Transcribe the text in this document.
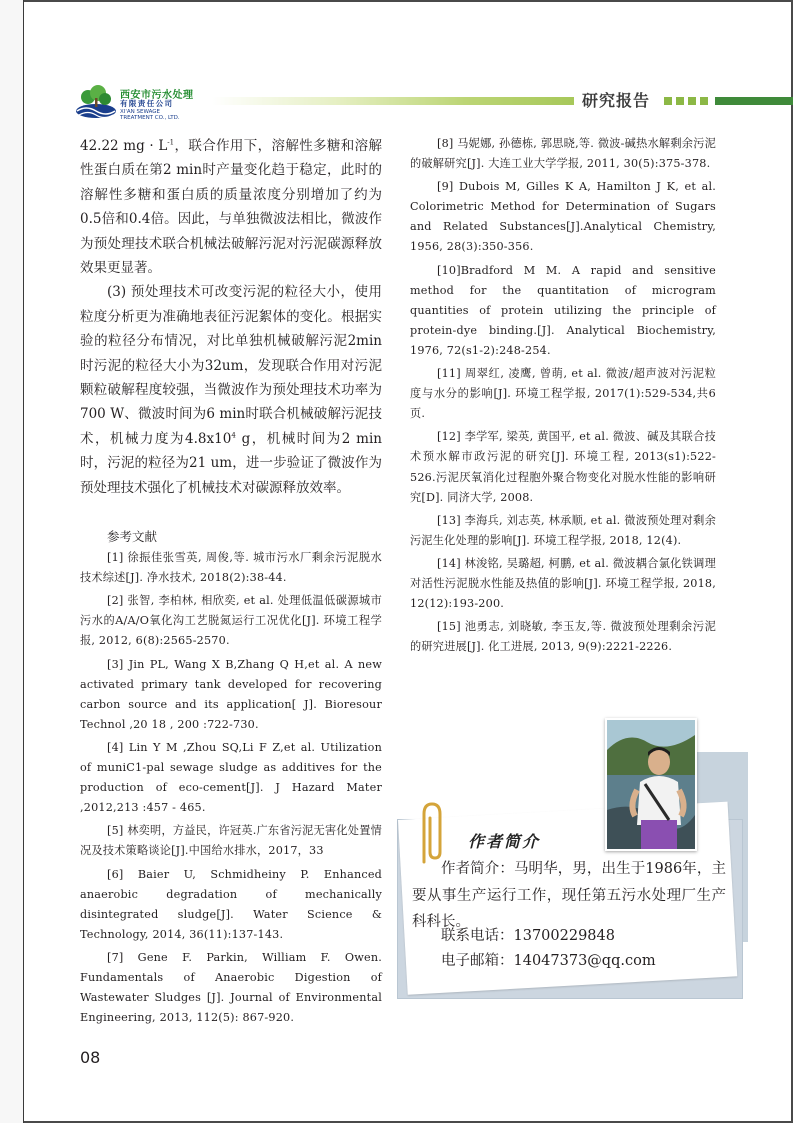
西安市污水处理
有限责任公司
XI'AN SEWAGE
TREATMENT CO., LTD.
研究报告

42.22 mg · $L^{-1}$，联合作用下，溶解性多糖和溶解性蛋白质在第2 min时产量变化趋于稳定，此时的溶解性多糖和蛋白质的质量浓度分别增加了约为0.5倍和0.4倍。因此，与单独微波法相比，微波作为预处理技术联合机械法破解污泥对污泥碳源释放效果更显著。

(3) 预处理技术可改变污泥的粒径大小，使用粒度分析更为准确地表征污泥絮体的变化。根据实验的粒径分布情况，对比单独机械破解污泥2min时污泥的粒径大小为32um，发现联合作用对污泥颗粒破解程度较强，当微波作为预处理技术功率为700 W、微波时间为6 min时联合机械破解污泥技术，机械力度为$4.8x10^4$ g，机械时间为2 min时，污泥的粒径为21 um，进一步验证了微波作为预处理技术强化了机械技术对碳源释放效率。

参考文献

[1] 徐振佳张雪英, 周俊,等. 城市污水厂剩余污泥脱水技术综述[J]. 净水技术, 2018(2):38-44.

[2] 张智, 李柏林, 相欣奕, et al. 处理低温低碳源城市污水的A/A/O氧化沟工艺脱氮运行工况优化[J]. 环境工程学报, 2012, 6(8):2565-2570.

[3] Jin PL, Wang X B,Zhang Q H,et al. A new activated primary tank developed for recovering carbon source and its application[ J]. Bioresour Technol ,20 18 , 200 :722-730.

[4] Lin Y M ,Zhou SQ,Li F Z,et al. Utilization of muniC1-pal sewage sludge as additives for the production of eco-cement[J]. J Hazard Mater ,2012,213 :457 - 465.

[5] 林奕明，方益民，许冠英.广东省污泥无害化处置情况及技术策略谈论[J].中国给水排水，2017，33

[6] Baier U, Schmidheiny P. Enhanced anaerobic degradation of mechanically disintegrated sludge[J]. Water Science & Technology, 2014, 36(11):137-143.

[7] Gene F. Parkin, William F. Owen. Fundamentals of Anaerobic Digestion of Wastewater Sludges [J]. Journal of Environmental Engineering, 2013, 112(5): 867-920.

[8] 马妮娜, 孙德栋, 郭思晓,等. 微波-碱热水解剩余污泥的破解研究[J]. 大连工业大学学报, 2011, 30(5):375-378.

[9] Dubois M, Gilles K A, Hamilton J K, et al. Colorimetric Method for Determination of Sugars and Related Substances[J].Analytical Chemistry, 1956, 28(3):350-356.

[10]Bradford M M. A rapid and sensitive method for the quantitation of microgram quantities of protein utilizing the principle of protein-dye binding.[J]. Analytical Biochemistry, 1976, 72(s1-2):248-254.

[11] 周翠红, 凌鹰, 曾萌, et al. 微波/超声波对污泥粒度与水分的影响[J]. 环境工程学报, 2017(1):529-534,共6页.

[12] 李学军, 梁英, 黄国平, et al. 微波、碱及其联合技术预水解市政污泥的研究[J]. 环境工程, 2013(s1):522-526.污泥厌氧消化过程胞外聚合物变化对脱水性能的影响研究[D]. 同济大学, 2008.

[13] 李海兵, 刘志英, 林承顺, et al. 微波预处理对剩余污泥生化处理的影响[J]. 环境工程学报, 2018, 12(4).

[14] 林浚铭, 吴璐超, 柯鹏, et al. 微波耦合氯化铁调理对活性污泥脱水性能及热值的影响[J]. 环境工程学报, 2018, 12(12):193-200.

[15] 池勇志, 刘晓敏, 李玉友,等. 微波预处理剩余污泥的研究进展[J]. 化工进展, 2013, 9(9):2221-2226.

作者简介

作者简介：马明华，男，出生于1986年，主要从事生产运行工作，现任第五污水处理厂生产科科长。

联系电话：13700229848
电子邮箱：14047373@qq.com
08
